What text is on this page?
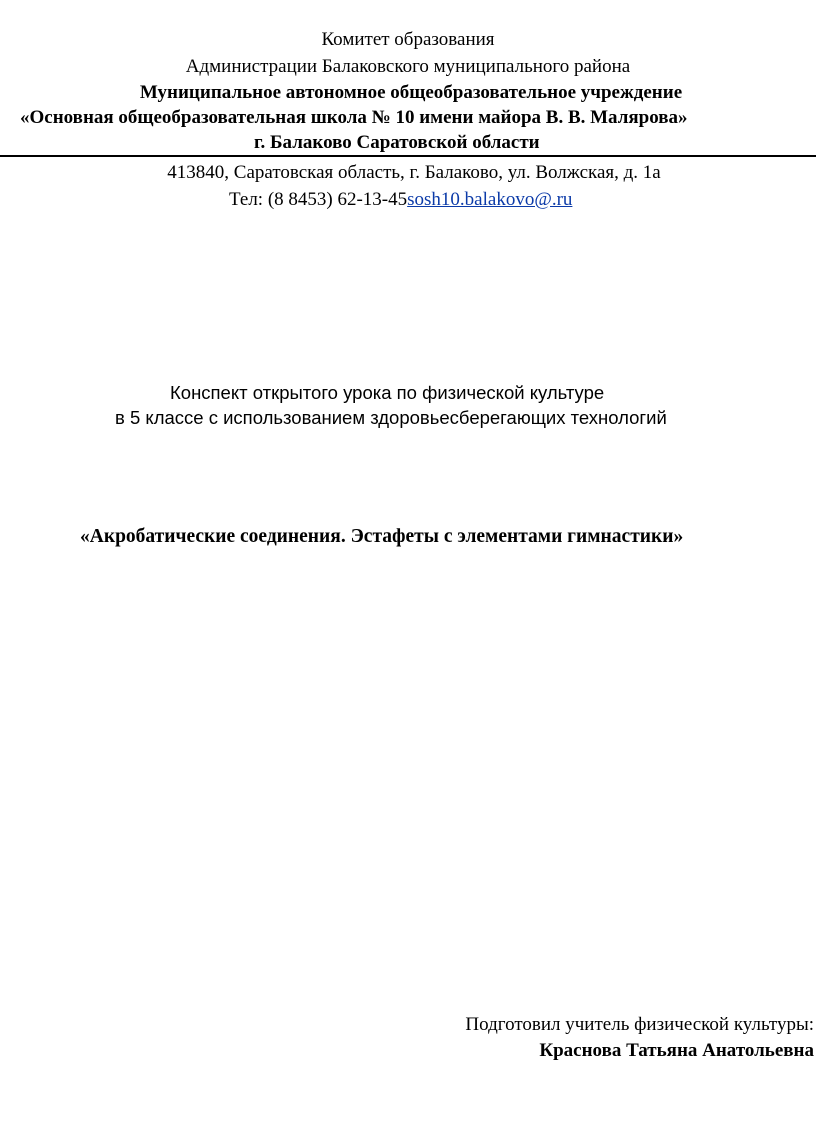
Комитет образования
Администрации Балаковского муниципального района
Муниципальное автономное общеобразовательное учреждение
«Основная общеобразовательная школа № 10 имени майора В. В. Малярова»
г. Балаково Саратовской области
413840, Саратовская область, г. Балаково, ул. Волжская, д. 1а
Тел: (8 8453) 62-13-45sosh10.balakovo@.ru
Конспект открытого урока по физической культуре
в 5 классе с использованием здоровьесберегающих технологий
«Акробатические соединения. Эстафеты с элементами гимнастики»
Подготовил учитель физической культуры:
Краснова Татьяна Анатольевна
